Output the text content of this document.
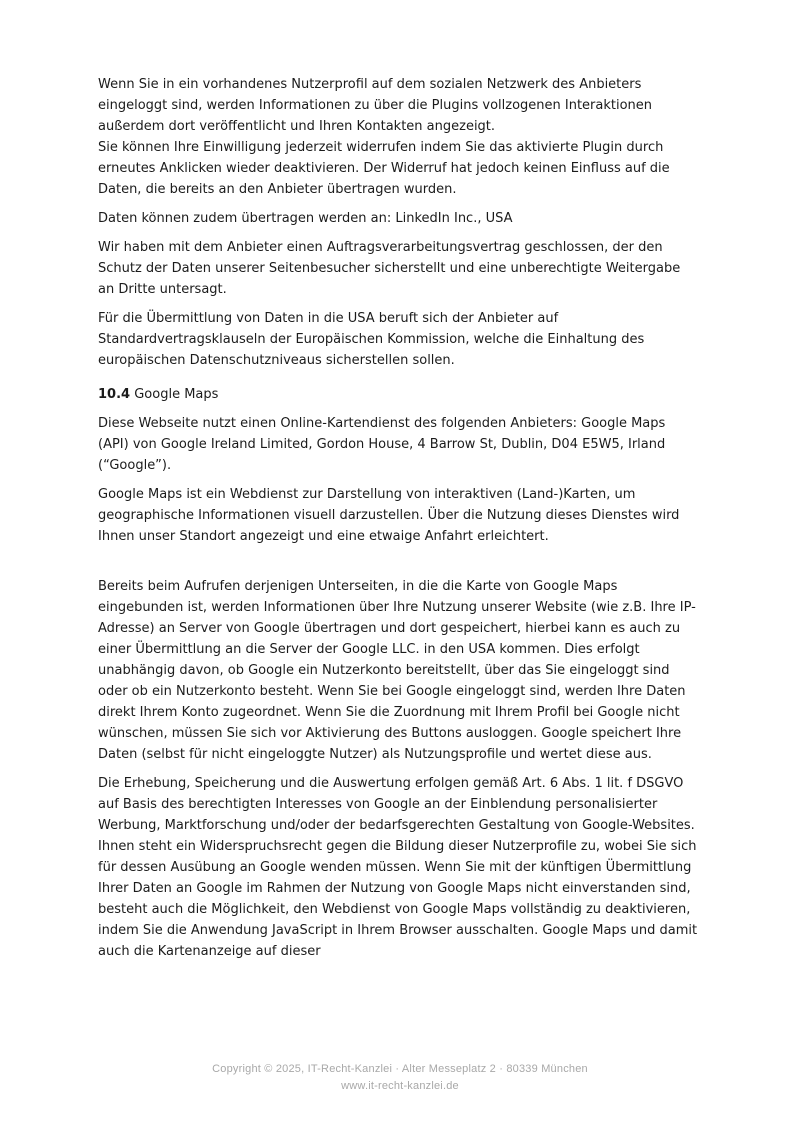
Wenn Sie in ein vorhandenes Nutzerprofil auf dem sozialen Netzwerk des Anbieters eingeloggt sind, werden Informationen zu über die Plugins vollzogenen Interaktionen außerdem dort veröffentlicht und Ihren Kontakten angezeigt.
Sie können Ihre Einwilligung jederzeit widerrufen indem Sie das aktivierte Plugin durch erneutes Anklicken wieder deaktivieren. Der Widerruf hat jedoch keinen Einfluss auf die Daten, die bereits an den Anbieter übertragen wurden.
Daten können zudem übertragen werden an: LinkedIn Inc., USA
Wir haben mit dem Anbieter einen Auftragsverarbeitungsvertrag geschlossen, der den Schutz der Daten unserer Seitenbesucher sicherstellt und eine unberechtigte Weitergabe an Dritte untersagt.
Für die Übermittlung von Daten in die USA beruft sich der Anbieter auf Standardvertragsklauseln der Europäischen Kommission, welche die Einhaltung des europäischen Datenschutzniveaus sicherstellen sollen.
10.4 Google Maps
Diese Webseite nutzt einen Online-Kartendienst des folgenden Anbieters: Google Maps (API) von Google Ireland Limited, Gordon House, 4 Barrow St, Dublin, D04 E5W5, Irland (“Google”).
Google Maps ist ein Webdienst zur Darstellung von interaktiven (Land-)Karten, um geographische Informationen visuell darzustellen. Über die Nutzung dieses Dienstes wird Ihnen unser Standort angezeigt und eine etwaige Anfahrt erleichtert.
Bereits beim Aufrufen derjenigen Unterseiten, in die die Karte von Google Maps eingebunden ist, werden Informationen über Ihre Nutzung unserer Website (wie z.B. Ihre IP-Adresse) an Server von Google übertragen und dort gespeichert, hierbei kann es auch zu einer Übermittlung an die Server der Google LLC. in den USA kommen. Dies erfolgt unabhängig davon, ob Google ein Nutzerkonto bereitstellt, über das Sie eingeloggt sind oder ob ein Nutzerkonto besteht. Wenn Sie bei Google eingeloggt sind, werden Ihre Daten direkt Ihrem Konto zugeordnet. Wenn Sie die Zuordnung mit Ihrem Profil bei Google nicht wünschen, müssen Sie sich vor Aktivierung des Buttons ausloggen. Google speichert Ihre Daten (selbst für nicht eingeloggte Nutzer) als Nutzungsprofile und wertet diese aus.
Die Erhebung, Speicherung und die Auswertung erfolgen gemäß Art. 6 Abs. 1 lit. f DSGVO auf Basis des berechtigten Interesses von Google an der Einblendung personalisierter Werbung, Marktforschung und/oder der bedarfsgerechten Gestaltung von Google-Websites. Ihnen steht ein Widerspruchsrecht gegen die Bildung dieser Nutzerprofile zu, wobei Sie sich für dessen Ausübung an Google wenden müssen. Wenn Sie mit der künftigen Übermittlung Ihrer Daten an Google im Rahmen der Nutzung von Google Maps nicht einverstanden sind, besteht auch die Möglichkeit, den Webdienst von Google Maps vollständig zu deaktivieren, indem Sie die Anwendung JavaScript in Ihrem Browser ausschalten. Google Maps und damit auch die Kartenanzeige auf dieser
Copyright © 2025, IT-Recht-Kanzlei · Alter Messeplatz 2 · 80339 München
www.it-recht-kanzlei.de
